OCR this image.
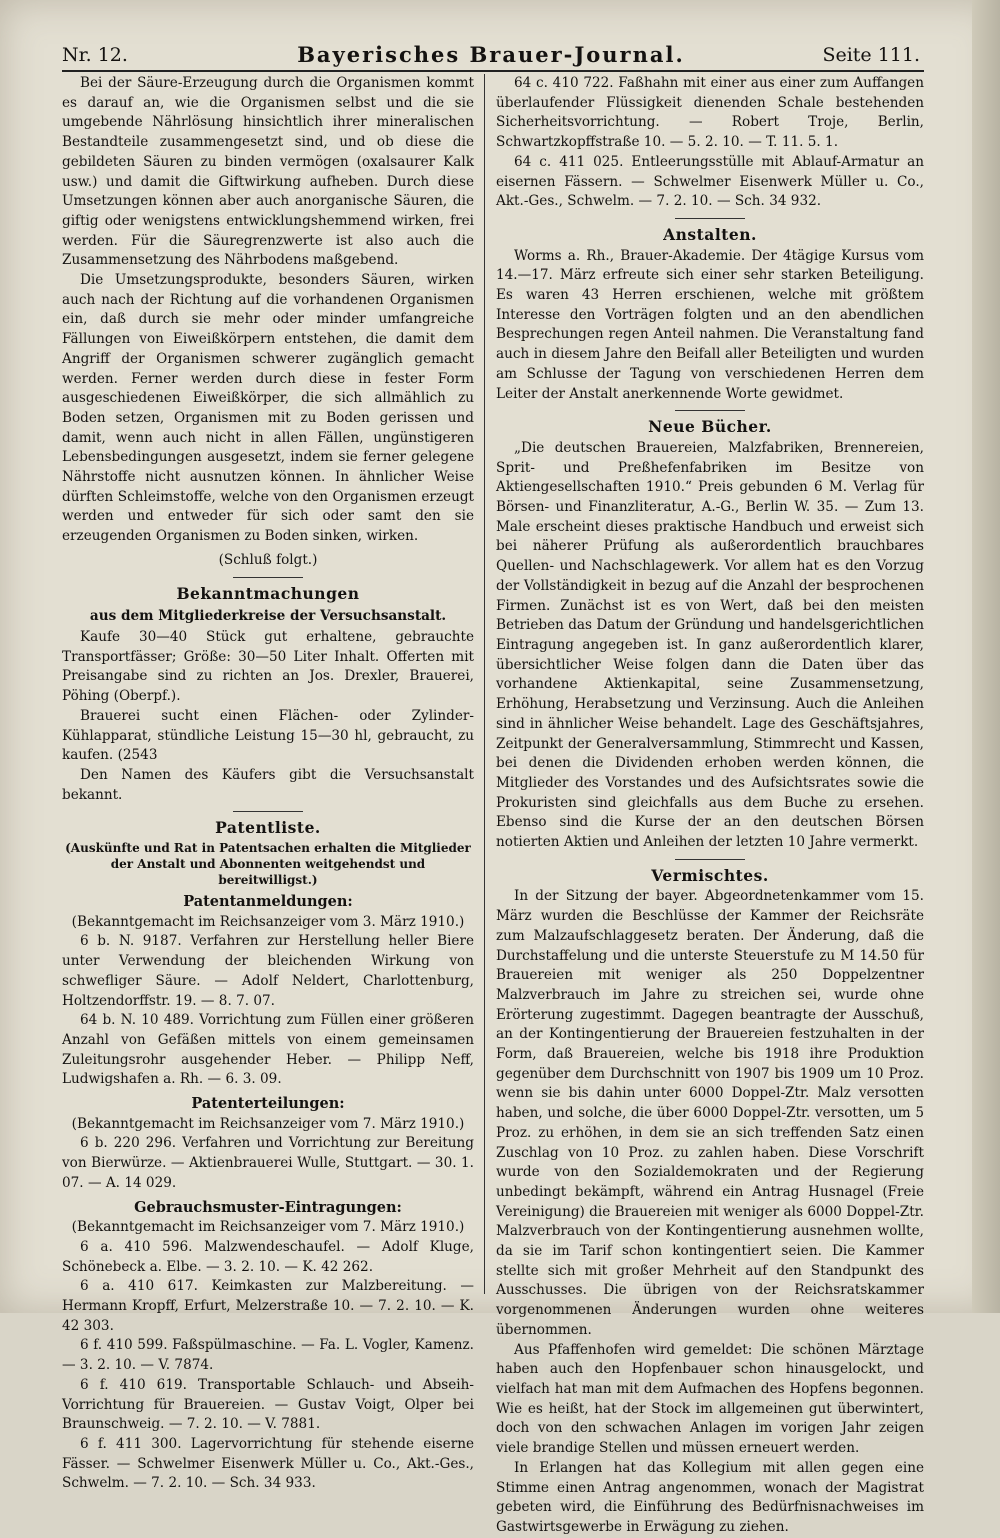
Nr. 12.	Bayerisches Brauer-Journal.	Seite 111.

Bei der Säure-Erzeugung durch die Organismen kommt es darauf an, wie die Organismen selbst und die sie umgebende Nährlösung hinsichtlich ihrer mineralischen Bestandteile zusammengesetzt sind, und ob diese die gebildeten Säuren zu binden vermögen (oxalsaurer Kalk usw.) und damit die Giftwirkung aufheben. Durch diese Umsetzungen können aber auch anorganische Säuren, die giftig oder wenigstens entwicklungshemmend wirken, frei werden. Für die Säuregrenzwerte ist also auch die Zusammensetzung des Nährbodens maßgebend.

Die Umsetzungsprodukte, besonders Säuren, wirken auch nach der Richtung auf die vorhandenen Organismen ein, daß durch sie mehr oder minder umfangreiche Fällungen von Eiweißkörpern entstehen, die damit dem Angriff der Organismen schwerer zugänglich gemacht werden. Ferner werden durch diese in fester Form ausgeschiedenen Eiweißkörper, die sich allmählich zu Boden setzen, Organismen mit zu Boden gerissen und damit, wenn auch nicht in allen Fällen, ungünstigeren Lebensbedingungen ausgesetzt, indem sie ferner gelegene Nährstoffe nicht ausnutzen können. In ähnlicher Weise dürften Schleimstoffe, welche von den Organismen erzeugt werden und entweder für sich oder samt den sie erzeugenden Organismen zu Boden sinken, wirken.

(Schluß folgt.)

Bekanntmachungen
aus dem Mitgliederkreise der Versuchsanstalt.

Kaufe 30—40 Stück gut erhaltene, gebrauchte Transportfässer; Größe: 30—50 Liter Inhalt. Offerten mit Preisangabe sind zu richten an Jos. Drexler, Brauerei, Pöhing (Oberpf.).

Brauerei sucht einen Flächen- oder Zylinder-Kühlapparat, stündliche Leistung 15—30 hl, gebraucht, zu kaufen. (2543

Den Namen des Käufers gibt die Versuchsanstalt bekannt.

Patentliste.

(Auskünfte und Rat in Patentsachen erhalten die Mitglieder der Anstalt und Abonnenten weitgehendst und bereitwilligst.)

Patentanmeldungen:

(Bekanntgemacht im Reichsanzeiger vom 3. März 1910.)

6 b. N. 9187. Verfahren zur Herstellung heller Biere unter Verwendung der bleichenden Wirkung von schwefliger Säure. — Adolf Neldert, Charlottenburg, Holtzendorffstr. 19. — 8. 7. 07.

64 b. N. 10 489. Vorrichtung zum Füllen einer größeren Anzahl von Gefäßen mittels von einem gemeinsamen Zuleitungsrohr ausgehender Heber. — Philipp Neff, Ludwigshafen a. Rh. — 6. 3. 09.

Patenterteilungen:

(Bekanntgemacht im Reichsanzeiger vom 7. März 1910.)

6 b. 220 296. Verfahren und Vorrichtung zur Bereitung von Bierwürze. — Aktienbrauerei Wulle, Stuttgart. — 30. 1. 07. — A. 14 029.

Gebrauchsmuster-Eintragungen:

(Bekanntgemacht im Reichsanzeiger vom 7. März 1910.)

6 a. 410 596. Malzwendeschaufel. — Adolf Kluge, Schönebeck a. Elbe. — 3. 2. 10. — K. 42 262.

6 a. 410 617. Keimkasten zur Malzbereitung. — Hermann Kropff, Erfurt, Melzerstraße 10. — 7. 2. 10. — K. 42 303.

6 f. 410 599. Faßspülmaschine. — Fa. L. Vogler, Kamenz. — 3. 2. 10. — V. 7874.

6 f. 410 619. Transportable Schlauch- und Abseih-Vorrichtung für Brauereien. — Gustav Voigt, Olper bei Braunschweig. — 7. 2. 10. — V. 7881.

6 f. 411 300. Lagervorrichtung für stehende eiserne Fässer. — Schwelmer Eisenwerk Müller u. Co., Akt.-Ges., Schwelm. — 7. 2. 10. — Sch. 34 933.

64 c. 410 722. Faßhahn mit einer aus einer zum Auffangen überlaufender Flüssigkeit dienenden Schale bestehenden Sicherheitsvorrichtung. — Robert Troje, Berlin, Schwartzkopffstraße 10. — 5. 2. 10. — T. 11. 5. 1.

64 c. 411 025. Entleerungsstülle mit Ablauf-Armatur an eisernen Fässern. — Schwelmer Eisenwerk Müller u. Co., Akt.-Ges., Schwelm. — 7. 2. 10. — Sch. 34 932.

Anstalten.

Worms a. Rh., Brauer-Akademie. Der 4tägige Kursus vom 14.—17. März erfreute sich einer sehr starken Beteiligung. Es waren 43 Herren erschienen, welche mit größtem Interesse den Vorträgen folgten und an den abendlichen Besprechungen regen Anteil nahmen. Die Veranstaltung fand auch in diesem Jahre den Beifall aller Beteiligten und wurden am Schlusse der Tagung von verschiedenen Herren dem Leiter der Anstalt anerkennende Worte gewidmet.

Neue Bücher.

„Die deutschen Brauereien, Malzfabriken, Brennereien, Sprit- und Preßhefenfabriken im Besitze von Aktiengesellschaften 1910.“ Preis gebunden 6 M. Verlag für Börsen- und Finanzliteratur, A.-G., Berlin W. 35. — Zum 13. Male erscheint dieses praktische Handbuch und erweist sich bei näherer Prüfung als außerordentlich brauchbares Quellen- und Nachschlagewerk. Vor allem hat es den Vorzug der Vollständigkeit in bezug auf die Anzahl der besprochenen Firmen. Zunächst ist es von Wert, daß bei den meisten Betrieben das Datum der Gründung und handelsgerichtlichen Eintragung angegeben ist. In ganz außerordentlich klarer, übersichtlicher Weise folgen dann die Daten über das vorhandene Aktienkapital, seine Zusammensetzung, Erhöhung, Herabsetzung und Verzinsung. Auch die Anleihen sind in ähnlicher Weise behandelt. Lage des Geschäftsjahres, Zeitpunkt der Generalversammlung, Stimmrecht und Kassen, bei denen die Dividenden erhoben werden können, die Mitglieder des Vorstandes und des Aufsichtsrates sowie die Prokuristen sind gleichfalls aus dem Buche zu ersehen. Ebenso sind die Kurse der an den deutschen Börsen notierten Aktien und Anleihen der letzten 10 Jahre vermerkt.

Vermischtes.

In der Sitzung der bayer. Abgeordnetenkammer vom 15. März wurden die Beschlüsse der Kammer der Reichsräte zum Malzaufschlaggesetz beraten. Der Änderung, daß die Durchstaffelung und die unterste Steuerstufe zu M 14.50 für Brauereien mit weniger als 250 Doppelzentner Malzverbrauch im Jahre zu streichen sei, wurde ohne Erörterung zugestimmt. Dagegen beantragte der Ausschuß, an der Kontingentierung der Brauereien festzuhalten in der Form, daß Brauereien, welche bis 1918 ihre Produktion gegenüber dem Durchschnitt von 1907 bis 1909 um 10 Proz. wenn sie bis dahin unter 6000 Doppel-Ztr. Malz versotten haben, und solche, die über 6000 Doppel-Ztr. versotten, um 5 Proz. zu erhöhen, in dem sie an sich treffenden Satz einen Zuschlag von 10 Proz. zu zahlen haben. Diese Vorschrift wurde von den Sozialdemokraten und der Regierung unbedingt bekämpft, während ein Antrag Husnagel (Freie Vereinigung) die Brauereien mit weniger als 6000 Doppel-Ztr. Malzverbrauch von der Kontingentierung ausnehmen wollte, da sie im Tarif schon kontingentiert seien. Die Kammer stellte sich mit großer Mehrheit auf den Standpunkt des Ausschusses. Die übrigen von der Reichsratskammer vorgenommenen Änderungen wurden ohne weiteres übernommen.

Aus Pfaffenhofen wird gemeldet: Die schönen Märztage haben auch den Hopfenbauer schon hinausgelockt, und vielfach hat man mit dem Aufmachen des Hopfens begonnen. Wie es heißt, hat der Stock im allgemeinen gut überwintert, doch von den schwachen Anlagen im vorigen Jahr zeigen viele brandige Stellen und müssen erneuert werden.

In Erlangen hat das Kollegium mit allen gegen eine Stimme einen Antrag angenommen, wonach der Magistrat gebeten wird, die Einführung des Bedürfnisnachweises im Gastwirtsgewerbe in Erwägung zu ziehen.
